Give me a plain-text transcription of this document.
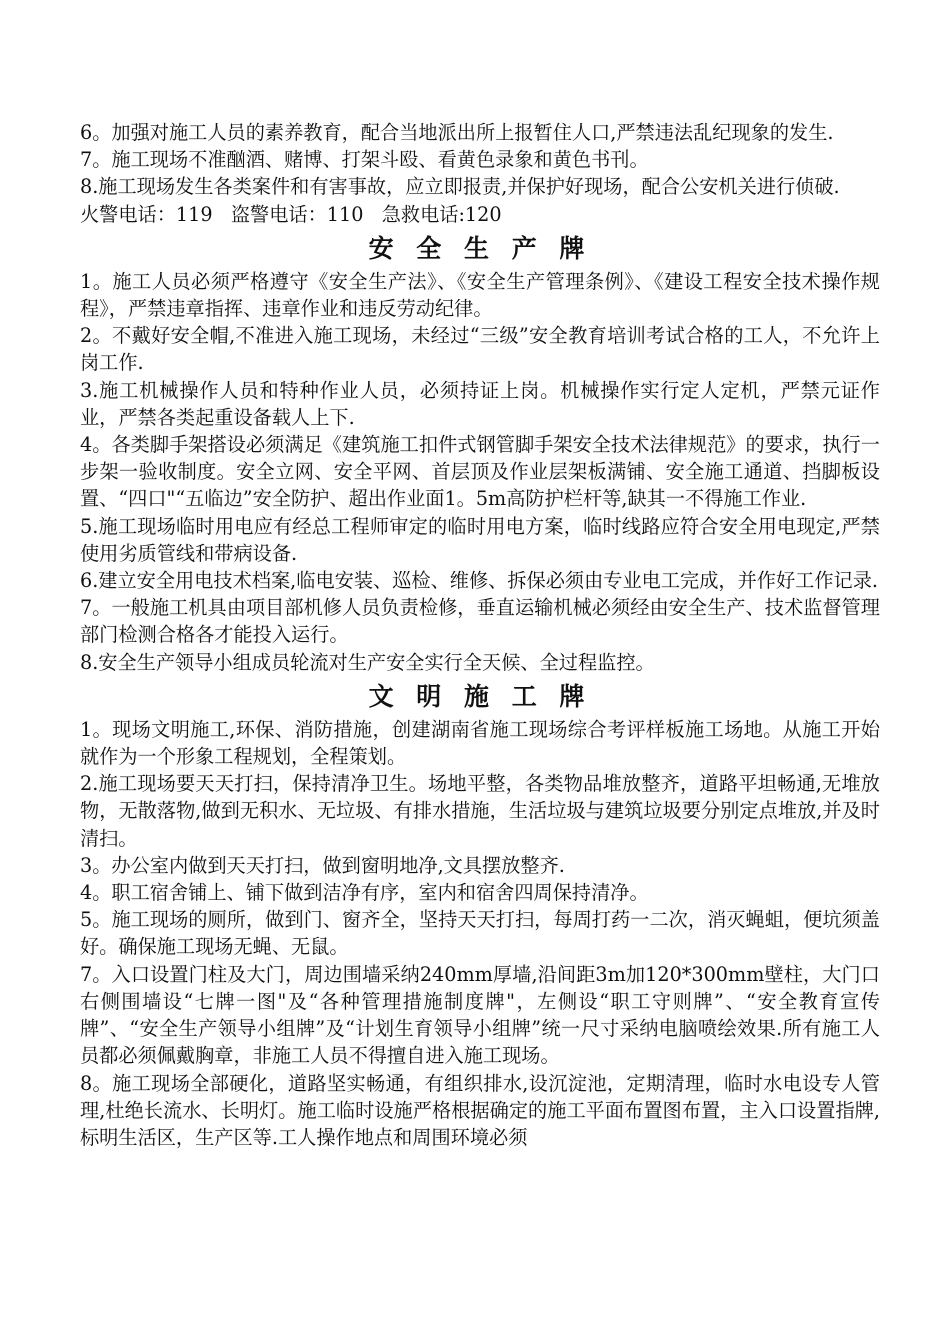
6。加强对施工人员的素养教育，配合当地派出所上报暂住人口,严禁违法乱纪现象的发生.

7。施工现场不准酗酒、赌博、打架斗殴、看黄色录象和黄色书刊。

8.施工现场发生各类案件和有害事故，应立即报责,并保护好现场，配合公安机关进行侦破.

火警电话：119   盗警电话：110   急救电话:120

安 全 生 产 牌

1。施工人员必须严格遵守《安全生产法》、《安全生产管理条例》、《建设工程安全技术操作规程》，严禁违章指挥、违章作业和违反劳动纪律。

2。不戴好安全帽,不准进入施工现场，未经过“三级”安全教育培训考试合格的工人，不允许上岗工作.

3.施工机械操作人员和特种作业人员，必须持证上岗。机械操作实行定人定机，严禁元证作业，严禁各类起重设备载人上下.

4。各类脚手架搭设必须满足《建筑施工扣件式钢管脚手架安全技术法律规范》的要求，执行一步架一验收制度。安全立网、安全平网、首层顶及作业层架板满铺、安全施工通道、挡脚板设置、“四口"“五临边”安全防护、超出作业面1。5m高防护栏杆等,缺其一不得施工作业.

5.施工现场临时用电应有经总工程师审定的临时用电方案，临时线路应符合安全用电现定,严禁使用劣质管线和带病设备.

6.建立安全用电技术档案,临电安装、巡检、维修、拆保必须由专业电工完成，并作好工作记录.

7。一般施工机具由项目部机修人员负责检修，垂直运输机械必须经由安全生产、技术监督管理部门检测合格各才能投入运行。

8.安全生产领导小组成员轮流对生产安全实行全天候、全过程监控。

文 明 施 工 牌

1。现场文明施工,环保、消防措施，创建湖南省施工现场综合考评样板施工场地。从施工开始就作为一个形象工程规划，全程策划。

2.施工现场要天天打扫，保持清净卫生。场地平整，各类物品堆放整齐，道路平坦畅通,无堆放物，无散落物,做到无积水、无垃圾、有排水措施，生活垃圾与建筑垃圾要分别定点堆放,并及时清扫。

3。办公室内做到天天打扫，做到窗明地净,文具摆放整齐.

4。职工宿舍铺上、铺下做到洁净有序，室内和宿舍四周保持清净。

5。施工现场的厕所，做到门、窗齐全，坚持天天打扫，每周打药一二次，消灭蝇蛆，便坑须盖好。确保施工现场无蝇、无鼠。

7。入口设置门柱及大门，周边围墙采纳240mm厚墙,沿间距3m加120*300mm壁柱，大门口右侧围墙设“七牌一图"及“各种管理措施制度牌"，左侧设“职工守则牌”、“安全教育宣传牌”、“安全生产领导小组牌”及“计划生育领导小组牌”统一尺寸采纳电脑喷绘效果.所有施工人员都必须佩戴胸章，非施工人员不得擅自进入施工现场。

8。施工现场全部硬化，道路坚实畅通，有组织排水,设沉淀池，定期清理，临时水电设专人管理,杜绝长流水、长明灯。施工临时设施严格根据确定的施工平面布置图布置，主入口设置指牌,标明生活区，生产区等.工人操作地点和周围环境必须
